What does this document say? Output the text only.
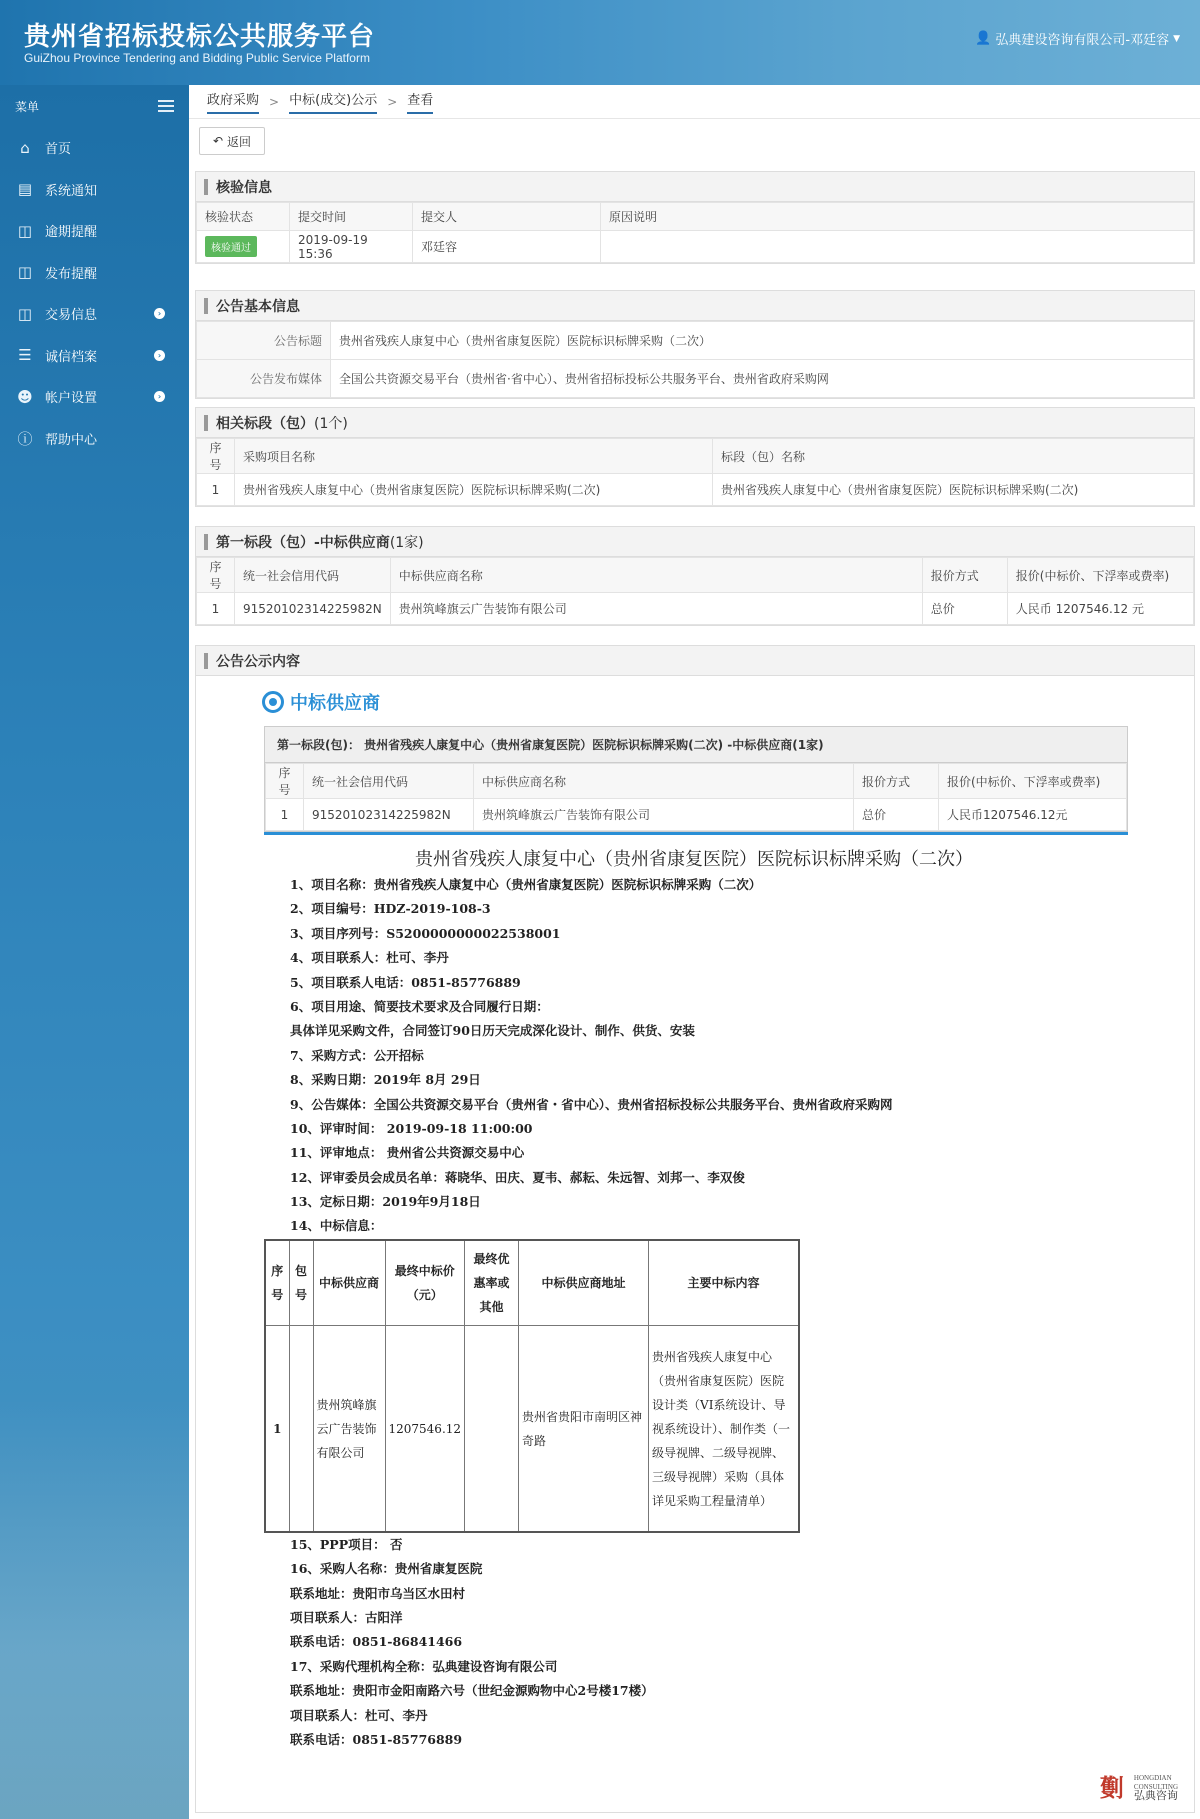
贵州省招标投标公共服务平台
GuiZhou Province Tendering and Bidding Public Service Platform
👤 弘典建设咨询有限公司-邓廷容 ▼
菜单
⌂	首页
▤ 系统通知
◫ 逾期提醒
◫ 发布提醒
◫ 交易信息	›
☰ 诚信档案	›
☻ 帐户设置	›
ⓘ 帮助中心
政府采购 > 中标(成交)公示 > 查看
↶ 返回
核验信息
核验状态	提交时间	提交人	原因说明
核验通过	2019-09-19 15:36	邓廷容	
公告基本信息
公告标题	贵州省残疾人康复中心（贵州省康复医院）医院标识标牌采购（二次）
公告发布媒体	全国公共资源交易平台（贵州省·省中心）、贵州省招标投标公共服务平台、贵州省政府采购网
相关标段（包） (1个)
序号	采购项目名称	标段（包）名称
1	贵州省残疾人康复中心（贵州省康复医院）医院标识标牌采购(二次)	贵州省残疾人康复中心（贵州省康复医院）医院标识标牌采购(二次)
第一标段（包）-中标供应商 (1家)
序号	统一社会信用代码	中标供应商名称	报价方式	报价(中标价、下浮率或费率)
1	91520102314225982N	贵州筑峰旗云广告装饰有限公司	总价	人民币 1207546.12 元
公告公示内容
中标供应商
第一标段(包)： 贵州省残疾人康复中心（贵州省康复医院）医院标识标牌采购(二次) -中标供应商(1家)
序号	统一社会信用代码	中标供应商名称	报价方式	报价(中标价、下浮率或费率)
1	91520102314225982N	贵州筑峰旗云广告装饰有限公司	总价	人民币1207546.12元
贵州省残疾人康复中心（贵州省康复医院）医院标识标牌采购（二次）
1、项目名称：贵州省残疾人康复中心（贵州省康复医院）医院标识标牌采购（二次）
2、项目编号：HDZ-2019-108-3
3、项目序列号：S5200000000022538001
4、项目联系人：杜可、李丹
5、项目联系人电话：0851-85776889
6、项目用途、简要技术要求及合同履行日期：
具体详见采购文件，合同签订90日历天完成深化设计、制作、供货、安装
7、采购方式：公开招标
8、采购日期：2019年 8月 29日
9、公告媒体：全国公共资源交易平台（贵州省・省中心）、贵州省招标投标公共服务平台、贵州省政府采购网
10、评审时间： 2019-09-18 11:00:00
11、评审地点： 贵州省公共资源交易中心
12、评审委员会成员名单：蒋晓华、田庆、夏韦、郝耘、朱远智、刘邦一、李双俊
13、定标日期：2019年9月18日
14、中标信息：
序号	包号	中标供应商	最终中标价（元）	最终优惠率或其他	中标供应商地址	主要中标内容
1		贵州筑峰旗云广告装饰有限公司	1207546.12		贵州省贵阳市南明区神奇路	贵州省残疾人康复中心（贵州省康复医院）医院设计类（VI系统设计、导视系统设计）、制作类（一级导视牌、二级导视牌、三级导视牌）采购（具体详见采购工程量清单）
15、PPP项目： 否
16、采购人名称：贵州省康复医院
联系地址：贵阳市乌当区水田村
项目联系人：古阳洋
联系电话：0851-86841466
17、采购代理机构全称：弘典建设咨询有限公司
联系地址：贵阳市金阳南路六号（世纪金源购物中心2号楼17楼）
项目联系人：杜可、李丹
联系电话：0851-85776889
劐	HONGDIAN
CONSULTING
弘典咨询
